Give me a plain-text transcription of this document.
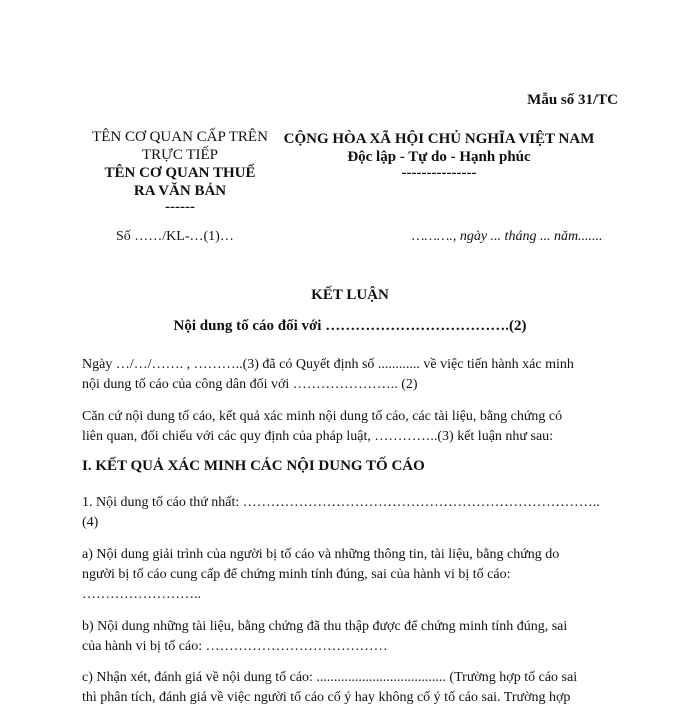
Mẫu số 31/TC
TÊN CƠ QUAN CẤP TRÊN
TRỰC TIẾP
TÊN CƠ QUAN THUẾ
RA VĂN BẢN
------
CỘNG HÒA XÃ HỘI CHỦ NGHĨA VIỆT NAM
Độc lập - Tự do - Hạnh phúc
---------------
Số ……/KL-…(1)…	………., ngày ... tháng ... năm.......
KẾT LUẬN
Nội dung tố cáo đối với ……………………………….(2)
Ngày …/…/……. , ………..(3) đã có Quyết định số ............ về việc tiến hành xác minh
nội dung tố cáo của công dân đối với ………………….. (2)
Căn cứ nội dung tố cáo, kết quả xác minh nội dung tố cáo, các tài liệu, bằng chứng có
liên quan, đối chiếu với các quy định của pháp luật, …………..(3) kết luận như sau:
I. KẾT QUẢ XÁC MINH CÁC NỘI DUNG TỐ CÁO
1. Nội dung tố cáo thứ nhất: …………………………………………………………………..
(4)
a) Nội dung giải trình của người bị tố cáo và những thông tin, tài liệu, bằng chứng do
người bị tố cáo cung cấp để chứng minh tính đúng, sai của hành vi bị tố cáo:
……………………..
b) Nội dung những tài liệu, bằng chứng đã thu thập được để chứng minh tính đúng, sai
của hành vi bị tố cáo: …………………………………
c) Nhận xét, đánh giá về nội dung tố cáo: ..................................... (Trường hợp tố cáo sai
thì phân tích, đánh giá về việc người tố cáo cố ý hay không cố ý tố cáo sai. Trường hợp
